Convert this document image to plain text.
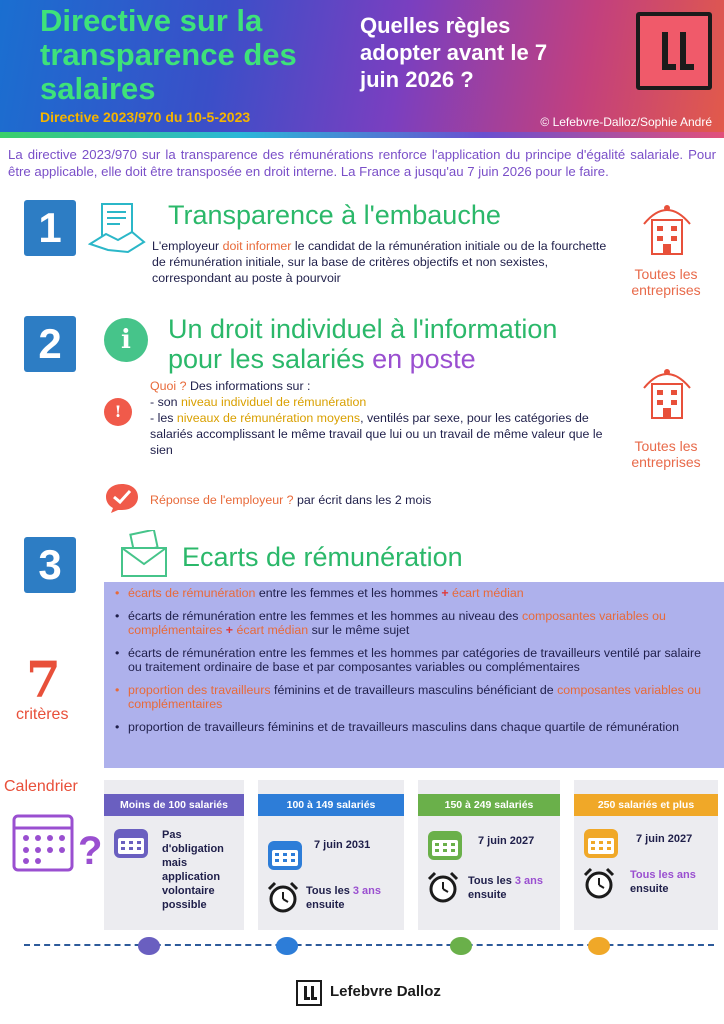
Directive sur la transparence des salaires
Directive 2023/970 du 10-5-2023
Quelles règles adopter avant le 7 juin 2026 ?
© Lefebvre-Dalloz/Sophie André
La directive 2023/970 sur la transparence des rémunérations renforce l'application du principe d'égalité salariale. Pour être applicable, elle doit être transposée en droit interne. La France a jusqu'au 7 juin 2026 pour le faire.
1	Transparence à l'embauche
L'employeur doit informer le candidat de la rémunération initiale ou de la fourchette de rémunération initiale, sur la base de critères objectifs et non sexistes, correspondant au poste à pourvoir	Toutes les entreprises
2	i	Un droit individuel à l'information
pour les salariés en poste
!
Quoi ? Des informations sur :
- son niveau individuel de rémunération
- les niveaux de rémunération moyens, ventilés par sexe, pour les catégories de salariés accomplissant le même travail que lui ou un travail de même valeur que le sien	Toutes les entreprises
Réponse de l'employeur ? par écrit dans les 2 mois
3	Ecarts de rémunération
• écarts de rémunération entre les femmes et les hommes + écart médian
• écarts de rémunération entre les femmes et les hommes au niveau des composantes variables ou complémentaires + écart médian sur le même sujet
• écarts de rémunération entre les femmes et les hommes par catégories de travailleurs ventilé par salaire ou traitement ordinaire de base et par composantes variables ou complémentaires
• proportion des travailleurs féminins et de travailleurs masculins bénéficiant de composantes variables ou complémentaires
• proportion de travailleurs féminins et de travailleurs masculins dans chaque quartile de rémunération
7
critères
Calendrier
?
Moins de 100 salariés
Pas d'obligation mais application volontaire possible
100 à 149 salariés
7 juin 2031
Tous les 3 ans ensuite
150 à 249 salariés
7 juin 2027
Tous les 3 ans ensuite
250 salariés et plus
7 juin 2027
Tous les ans ensuite
Lefebvre Dalloz
